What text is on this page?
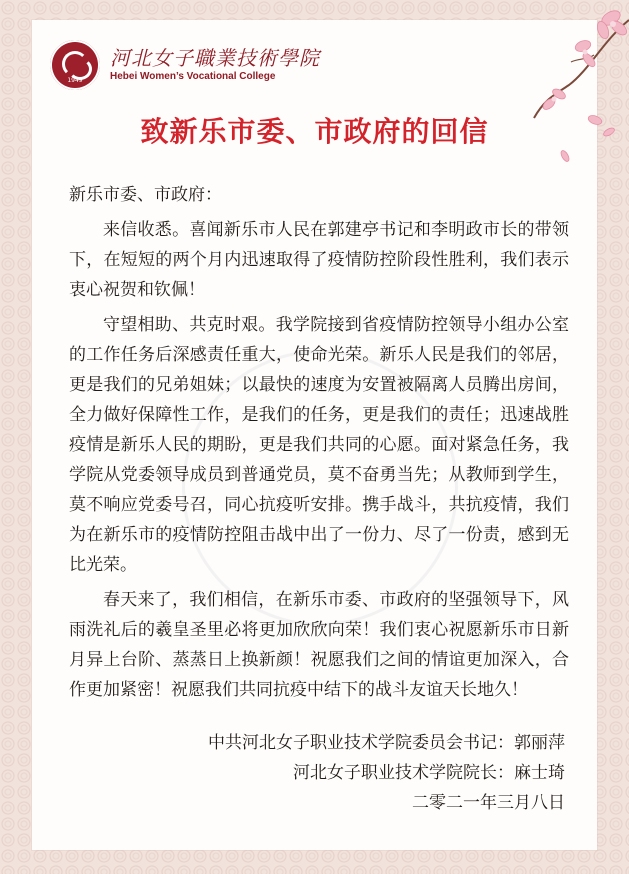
1949
河北女子職業技術學院
Hebei Women’s Vocational College
致新乐市委、市政府的回信

新乐市委、市政府：

来信收悉。喜闻新乐市人民在郭建亭书记和李明政市长的带领下，在短短的两个月内迅速取得了疫情防控阶段性胜利，我们表示衷心祝贺和钦佩！

守望相助、共克时艰。我学院接到省疫情防控领导小组办公室的工作任务后深感责任重大，使命光荣。新乐人民是我们的邻居，更是我们的兄弟姐妹；以最快的速度为安置被隔离人员腾出房间，全力做好保障性工作，是我们的任务，更是我们的责任；迅速战胜疫情是新乐人民的期盼，更是我们共同的心愿。面对紧急任务，我学院从党委领导成员到普通党员，莫不奋勇当先；从教师到学生，莫不响应党委号召，同心抗疫听安排。携手战斗，共抗疫情，我们为在新乐市的疫情防控阻击战中出了一份力、尽了一份责，感到无比光荣。

春天来了，我们相信，在新乐市委、市政府的坚强领导下，风雨洗礼后的羲皇圣里必将更加欣欣向荣！我们衷心祝愿新乐市日新月异上台阶、蒸蒸日上换新颜！祝愿我们之间的情谊更加深入，合作更加紧密！祝愿我们共同抗疫中结下的战斗友谊天长地久！

中共河北女子职业技术学院委员会书记：郭丽萍
河北女子职业技术学院院长：麻士琦
二零二一年三月八日
